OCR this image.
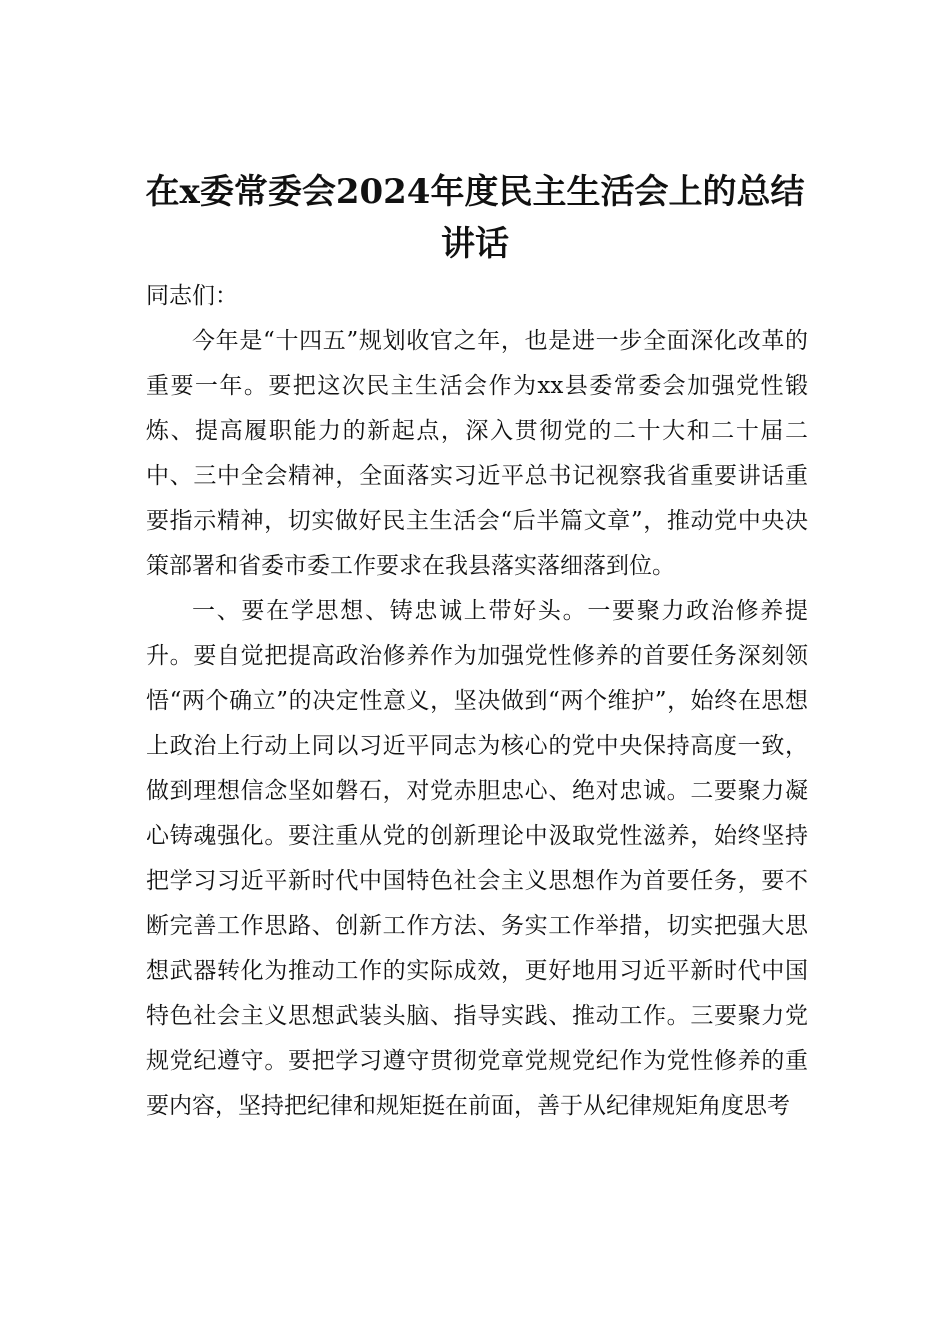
在x委常委会2024年度民主生活会上的总结讲话

同志们：

今年是“十四五”规划收官之年，也是进一步全面深化改革的重要一年。要把这次民主生活会作为xx县委常委会加强党性锻炼、提高履职能力的新起点，深入贯彻党的二十大和二十届二中、三中全会精神，全面落实习近平总书记视察我省重要讲话重要指示精神，切实做好民主生活会“后半篇文章”，推动党中央决策部署和省委市委工作要求在我县落实落细落到位。

一、要在学思想、铸忠诚上带好头。一要聚力政治修养提升。要自觉把提高政治修养作为加强党性修养的首要任务深刻领悟“两个确立”的决定性意义，坚决做到“两个维护”，始终在思想上政治上行动上同以习近平同志为核心的党中央保持高度一致，做到理想信念坚如磐石，对党赤胆忠心、绝对忠诚。二要聚力凝心铸魂强化。要注重从党的创新理论中汲取党性滋养，始终坚持把学习习近平新时代中国特色社会主义思想作为首要任务，要不断完善工作思路、创新工作方法、务实工作举措，切实把强大思想武器转化为推动工作的实际成效，更好地用习近平新时代中国特色社会主义思想武装头脑、指导实践、推动工作。三要聚力党规党纪遵守。要把学习遵守贯彻党章党规党纪作为党性修养的重要内容，坚持把纪律和规矩挺在前面，善于从纪律规矩角度思考
